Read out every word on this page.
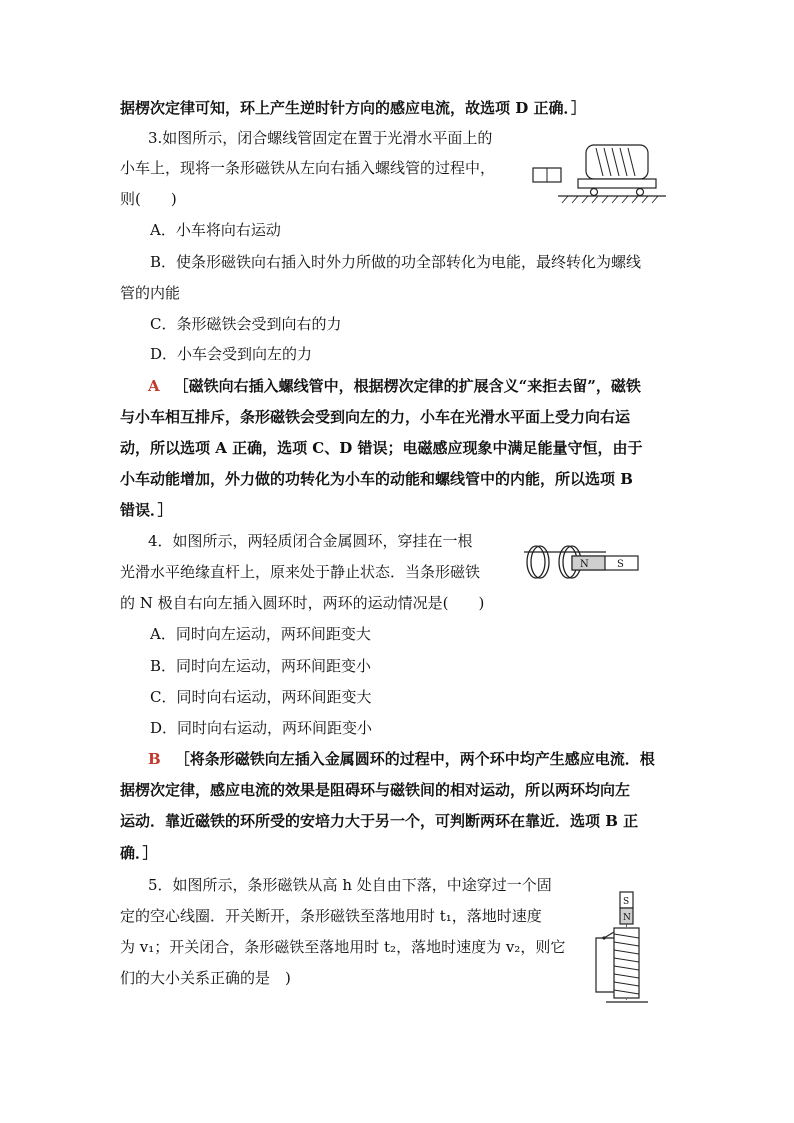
据楞次定律可知，环上产生逆时针方向的感应电流，故选项 D 正确．］
3.如图所示，闭合螺线管固定在置于光滑水平面上的
小车上，现将一条形磁铁从左向右插入螺线管的过程中，
则(　　)
A．小车将向右运动
B．使条形磁铁向右插入时外力所做的功全部转化为电能，最终转化为螺线
管的内能
C．条形磁铁会受到向右的力
D．小车会受到向左的力
A ［磁铁向右插入螺线管中，根据楞次定律的扩展含义“来拒去留”，磁铁
与小车相互排斥，条形磁铁会受到向左的力，小车在光滑水平面上受力向右运
动，所以选项 A 正确，选项 C、D 错误；电磁感应现象中满足能量守恒，由于
小车动能增加，外力做的功转化为小车的动能和螺线管中的内能，所以选项 B
错误．］
4．如图所示，两轻质闭合金属圆环，穿挂在一根
光滑水平绝缘直杆上，原来处于静止状态．当条形磁铁
的 N 极自右向左插入圆环时，两环的运动情况是(　　)
N	S
A．同时向左运动，两环间距变大
B．同时向左运动，两环间距变小
C．同时向右运动，两环间距变大
D．同时向右运动，两环间距变小
B ［将条形磁铁向左插入金属圆环的过程中，两个环中均产生感应电流．根
据楞次定律，感应电流的效果是阻碍环与磁铁间的相对运动，所以两环均向左
运动．靠近磁铁的环所受的安培力大于另一个，可判断两环在靠近．选项 B 正
确．］
5．如图所示，条形磁铁从高 h 处自由下落，中途穿过一个固
定的空心线圈．开关断开，条形磁铁至落地用时 t₁，落地时速度
为 v₁；开关闭合，条形磁铁至落地用时 t₂，落地时速度为 v₂，则它
们的大小关系正确的是　)
S
N
